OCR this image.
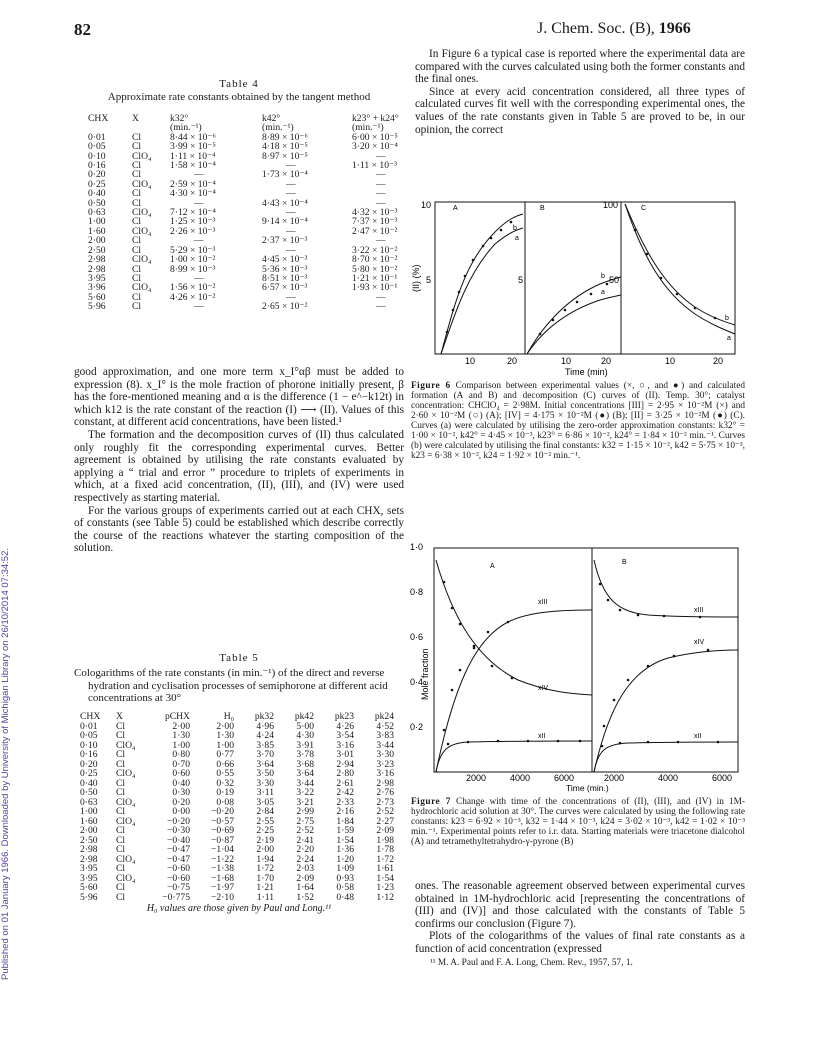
82	J. Chem. Soc. (B), 1966
Published on 01 January 1966. Downloaded by University of Michigan Library on 26/10/2014 07:34:52.
Table 4
Approximate rate constants obtained by the tangent method
CHX	X	k32°	k42°	k23° + k24°
		(min.⁻¹)	(min.⁻¹)	(min.⁻¹)
0·01	Cl	8·44 × 10⁻⁶	8·89 × 10⁻⁶	6·00 × 10⁻⁵
0·05	Cl	3·99 × 10⁻⁵	4·18 × 10⁻⁵	3·20 × 10⁻⁴
0·10	ClO₄	1·11 × 10⁻⁴	8·97 × 10⁻⁵	—
0·16	Cl	1·58 × 10⁻⁴	—	1·11 × 10⁻³
0·20	Cl	—	1·73 × 10⁻⁴	—
0·25	ClO₄	2·59 × 10⁻⁴	—	—
0·40	Cl	4·30 × 10⁻⁴	—	—
0·50	Cl	—	4·43 × 10⁻⁴	—
0·63	ClO₄	7·12 × 10⁻⁴	—	4·32 × 10⁻³
1·00	Cl	1·25 × 10⁻³	9·14 × 10⁻⁴	7·37 × 10⁻³
1·60	ClO₄	2·26 × 10⁻³	—	2·47 × 10⁻²
2·00	Cl	—	2·37 × 10⁻³	—
2·50	Cl	5·29 × 10⁻³	—	3·22 × 10⁻²
2·98	ClO₄	1·00 × 10⁻²	4·45 × 10⁻³	8·70 × 10⁻²
2·98	Cl	8·99 × 10⁻³	5·36 × 10⁻³	5·80 × 10⁻²
3·95	Cl	—	8·51 × 10⁻³	1·21 × 10⁻¹
3·96	ClO₄	1·56 × 10⁻²	6·57 × 10⁻³	1·93 × 10⁻¹
5·60	Cl	4·26 × 10⁻²	—	—
5·96	Cl	—	2·65 × 10⁻²	—

good approximation, and one more term x_I°αβ must be added to expression (8). x_I° is the mole fraction of phorone initially present, β has the fore-mentioned meaning and α is the difference (1 − e^−k12t) in which k12 is the rate constant of the reaction (I) ⟶ (II). Values of this constant, at different acid concentrations, have been listed.¹

The formation and the decomposition curves of (II) thus calculated only roughly fit the corresponding experimental curves. Better agreement is obtained by utilising the rate constants evaluated by applying a “ trial and error ” procedure to triplets of experiments in which, at a fixed acid concentration, (II), (III), and (IV) were used respectively as starting material.

For the various groups of experiments carried out at each CHX, sets of constants (see Table 5) could be established which describe correctly the course of the reactions whatever the starting composition of the solution.

Table 5
Cologarithms of the rate constants (in min.⁻¹) of the direct and reverse hydration and cyclisation processes of semiphorone at different acid concentrations at 30°
CHX	X	pCHX	H₀	pk32	pk42	pk23	pk24
0·01	Cl	2·00	2·00	4·96	5·00	4·26	4·52
0·05	Cl	1·30	1·30	4·24	4·30	3·54	3·83
0·10	ClO₄	1·00	1·00	3·85	3·91	3·16	3·44
0·16	Cl	0·80	0·77	3·70	3·78	3·01	3·30
0·20	Cl	0·70	0·66	3·64	3·68	2·94	3·23
0·25	ClO₄	0·60	0·55	3·50	3·64	2·80	3·16
0·40	Cl	0·40	0·32	3·30	3·44	2·61	2·98
0·50	Cl	0·30	0·19	3·11	3·22	2·42	2·76
0·63	ClO₄	0·20	0·08	3·05	3·21	2·33	2·73
1·00	Cl	0·00	−0·20	2·84	2·99	2·16	2·52
1·60	ClO₄	−0·20	−0·57	2·55	2·75	1·84	2·27
2·00	Cl	−0·30	−0·69	2·25	2·52	1·59	2·09
2·50	Cl	−0·40	−0·87	2·19	2·41	1·54	1·98
2·98	Cl	−0·47	−1·04	2·00	2·20	1·36	1·78
2·98	ClO₄	−0·47	−1·22	1·94	2·24	1·20	1·72
3·95	Cl	−0·60	−1·38	1·72	2·03	1·09	1·61
3·95	ClO₄	−0·60	−1·68	1·70	2·09	0·93	1·54
5·60	Cl	−0·75	−1·97	1·21	1·64	0·58	1·23
5·96	Cl	−0·775	−2·10	1·11	1·52	0·48	1·12
H₀ values are those given by Paul and Long.¹¹

In Figure 6 a typical case is reported where the experimental data are compared with the curves calculated using both the former constants and the final ones.

Since at every acid concentration considered, all three types of calculated curves fit well with the corresponding experimental ones, the values of the rate constants given in Table 5 are proved to be, in our opinion, the correct

A	B	C
10
5	5
100
50
b
a
b
a
b
a
10	20	10	20	10	20
Time (min)
(II) (%)
Figure 6 Comparison between experimental values (×, ○, and ●) and calculated formation (A and B) and decomposition (C) curves of (II). Temp. 30°; catalyst concentration: CHClO₄ = 2·98M. Initial concentrations [III] = 2·95 × 10⁻²M (×) and 2·60 × 10⁻²M (○) (A); [IV] = 4·175 × 10⁻²M (●) (B); [II] = 3·25 × 10⁻²M (●) (C). Curves (a) were calculated by utilising the zero-order approximation constants: k32° = 1·00 × 10⁻², k42° = 4·45 × 10⁻³, k23° = 6·86 × 10⁻², k24° = 1·84 × 10⁻² min.⁻¹. Curves (b) were calculated by utilising the final constants: k32 = 1·15 × 10⁻², k42 = 5·75 × 10⁻³, k23 = 6·38 × 10⁻², k24 = 1·92 × 10⁻² min.⁻¹.
A
B
1·0
0·8
0·6
0·4
0·2
xIII
xIV
xII
xIII
xIV
xII
2000	4000	6000	2000	4000	6000
Time (min.)
Mole fraction
Figure 7 Change with time of the concentrations of (II), (III), and (IV) in 1M-hydrochloric acid solution at 30°. The curves were calculated by using the following rate constants: k23 = 6·92 × 10⁻³, k32 = 1·44 × 10⁻³, k24 = 3·02 × 10⁻³, k42 = 1·02 × 10⁻³ min.⁻¹. Experimental points refer to i.r. data. Starting materials were triacetone dialcohol (A) and tetramethyltetrahydro-γ-pyrone (B)

ones. The reasonable agreement observed between experimental curves obtained in 1M-hydrochloric acid [representing the concentrations of (III) and (IV)] and those calculated with the constants of Table 5 confirms our conclusion (Figure 7).

Plots of the cologarithms of the values of final rate constants as a function of acid concentration (expressed

¹¹ M. A. Paul and F. A. Long, Chem. Rev., 1957, 57, 1.
